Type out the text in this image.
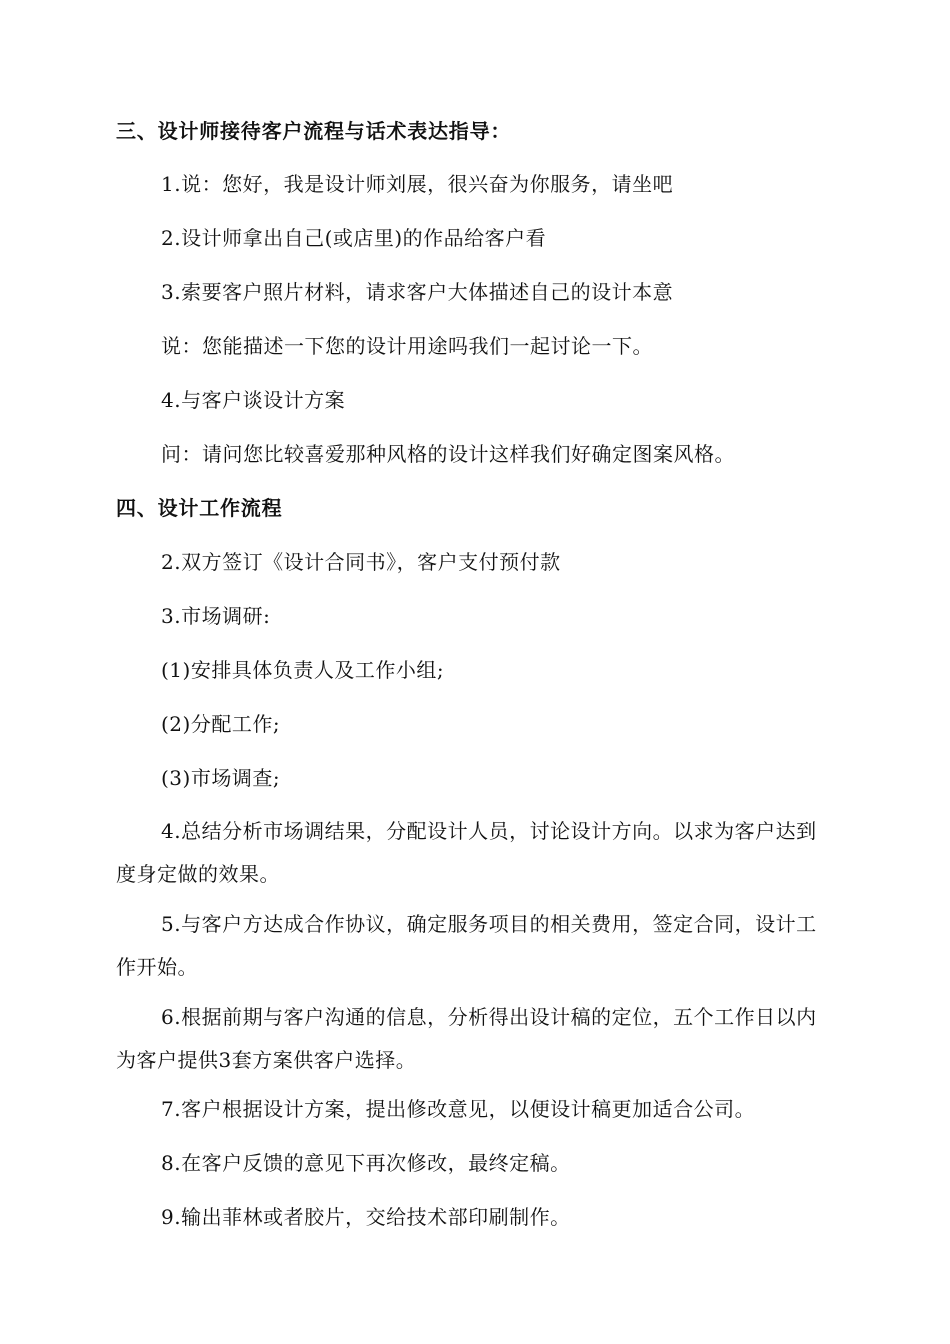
三、设计师接待客户流程与话术表达指导：
1.说：您好，我是设计师刘展，很兴奋为你服务，请坐吧
2.设计师拿出自己(或店里)的作品给客户看
3.索要客户照片材料，请求客户大体描述自己的设计本意
说：您能描述一下您的设计用途吗我们一起讨论一下。
4.与客户谈设计方案
问：请问您比较喜爱那种风格的设计这样我们好确定图案风格。
四、设计工作流程
2.双方签订《设计合同书》，客户支付预付款
3.市场调研:
(1)安排具体负责人及工作小组;
(2)分配工作;
(3)市场调查;
4.总结分析市场调结果，分配设计人员，讨论设计方向。以求为客户达到度身定做的效果。
5.与客户方达成合作协议，确定服务项目的相关费用，签定合同，设计工作开始。
6.根据前期与客户沟通的信息，分析得出设计稿的定位，五个工作日以内为客户提供3套方案供客户选择。
7.客户根据设计方案，提出修改意见，以便设计稿更加适合公司。
8.在客户反馈的意见下再次修改，最终定稿。
9.输出菲林或者胶片，交给技术部印刷制作。
